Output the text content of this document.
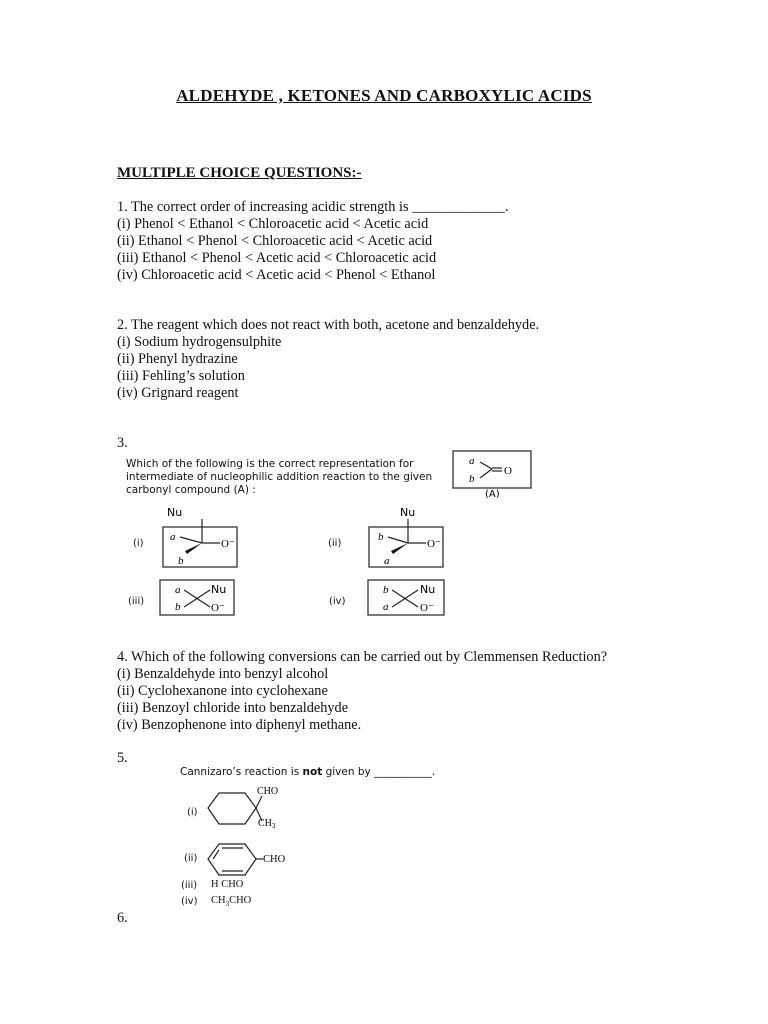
ALDEHYDE , KETONES AND CARBOXYLIC ACIDS
MULTIPLE CHOICE QUESTIONS:-
1. The correct order of increasing acidic strength is _____________.
(i) Phenol < Ethanol < Chloroacetic acid < Acetic acid
(ii) Ethanol < Phenol < Chloroacetic acid < Acetic acid
(iii) Ethanol < Phenol < Acetic acid < Chloroacetic acid
(iv) Chloroacetic acid < Acetic acid < Phenol < Ethanol
2. The reagent which does not react with both, acetone and benzaldehyde.
(i) Sodium hydrogensulphite
(ii) Phenyl hydrazine
(iii) Fehling’s solution
(iv) Grignard reagent
3.
Which of the following is the correct representation for
intermediate of nucleophilic addition reaction to the given
carbonyl compound (A) :
a
b
O
(A)
(i)
Nu
a
O⁻
b
(ii)
Nu
b
O⁻
a
(iii)
a
b
Nu
O⁻
(iv)
b
a
Nu
O⁻
4. Which of the following conversions can be carried out by Clemmensen Reduction?
(i) Benzaldehyde into benzyl alcohol
(ii) Cyclohexanone into cyclohexane
(iii) Benzoyl chloride into benzaldehyde
(iv) Benzophenone into diphenyl methane.
5.
Cannizaro’s reaction is not given by ___________.
(i)
CHO
$CH_3$
(ii)	CHO
(iii) H CHO
(iv) $CH_3CHO$
6.
